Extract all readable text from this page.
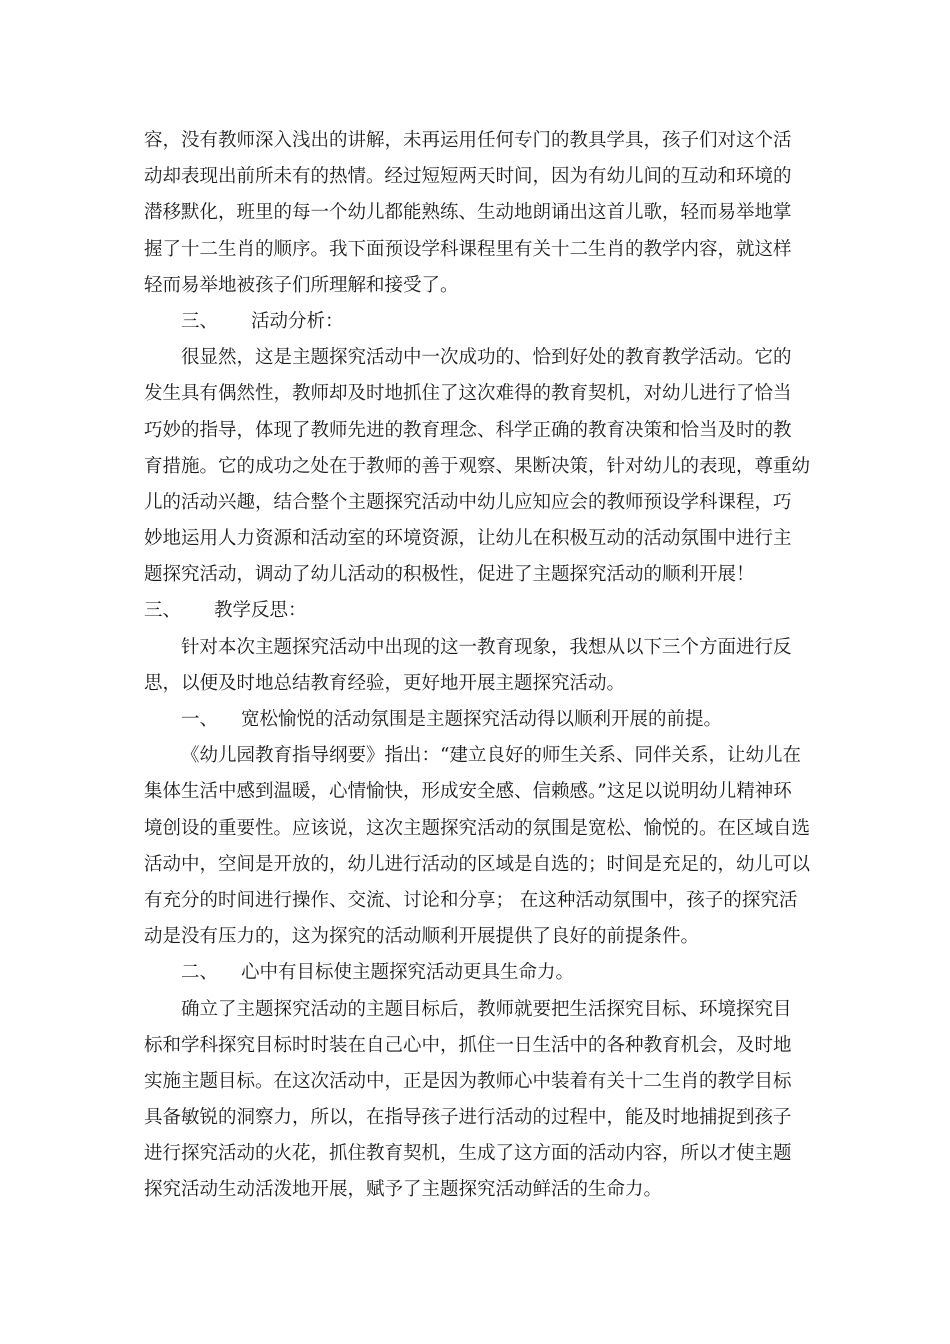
容，没有教师深入浅出的讲解，未再运用任何专门的教具学具，孩子们对这个活
动却表现出前所未有的热情。经过短短两天时间，因为有幼儿间的互动和环境的
潜移默化，班里的每一个幼儿都能熟练、生动地朗诵出这首儿歌，轻而易举地掌
握了十二生肖的顺序。我下面预设学科课程里有关十二生肖的教学内容，就这样
轻而易举地被孩子们所理解和接受了。
三、 活动分析：
很显然，这是主题探究活动中一次成功的、恰到好处的教育教学活动。它的
发生具有偶然性，教师却及时地抓住了这次难得的教育契机，对幼儿进行了恰当
巧妙的指导，体现了教师先进的教育理念、科学正确的教育决策和恰当及时的教
育措施。它的成功之处在于教师的善于观察、果断决策，针对幼儿的表现，尊重幼
儿的活动兴趣，结合整个主题探究活动中幼儿应知应会的教师预设学科课程，巧
妙地运用人力资源和活动室的环境资源，让幼儿在积极互动的活动氛围中进行主
题探究活动，调动了幼儿活动的积极性，促进了主题探究活动的顺利开展！
三、 教学反思：
针对本次主题探究活动中出现的这一教育现象，我想从以下三个方面进行反
思，以便及时地总结教育经验，更好地开展主题探究活动。
一、 宽松愉悦的活动氛围是主题探究活动得以顺利开展的前提。
《幼儿园教育指导纲要》指出：“建立良好的师生关系、同伴关系，让幼儿在
集体生活中感到温暖，心情愉快，形成安全感、信赖感。”这足以说明幼儿精神环
境创设的重要性。应该说，这次主题探究活动的氛围是宽松、愉悦的。在区域自选
活动中，空间是开放的，幼儿进行活动的区域是自选的；时间是充足的，幼儿可以
有充分的时间进行操作、交流、讨论和分享； 在这种活动氛围中，孩子的探究活
动是没有压力的，这为探究的活动顺利开展提供了良好的前提条件。
二、 心中有目标使主题探究活动更具生命力。
确立了主题探究活动的主题目标后，教师就要把生活探究目标、环境探究目
标和学科探究目标时时装在自己心中，抓住一日生活中的各种教育机会，及时地
实施主题目标。在这次活动中，正是因为教师心中装着有关十二生肖的教学目标
具备敏锐的洞察力，所以，在指导孩子进行活动的过程中，能及时地捕捉到孩子
进行探究活动的火花，抓住教育契机，生成了这方面的活动内容，所以才使主题
探究活动生动活泼地开展，赋予了主题探究活动鲜活的生命力。
